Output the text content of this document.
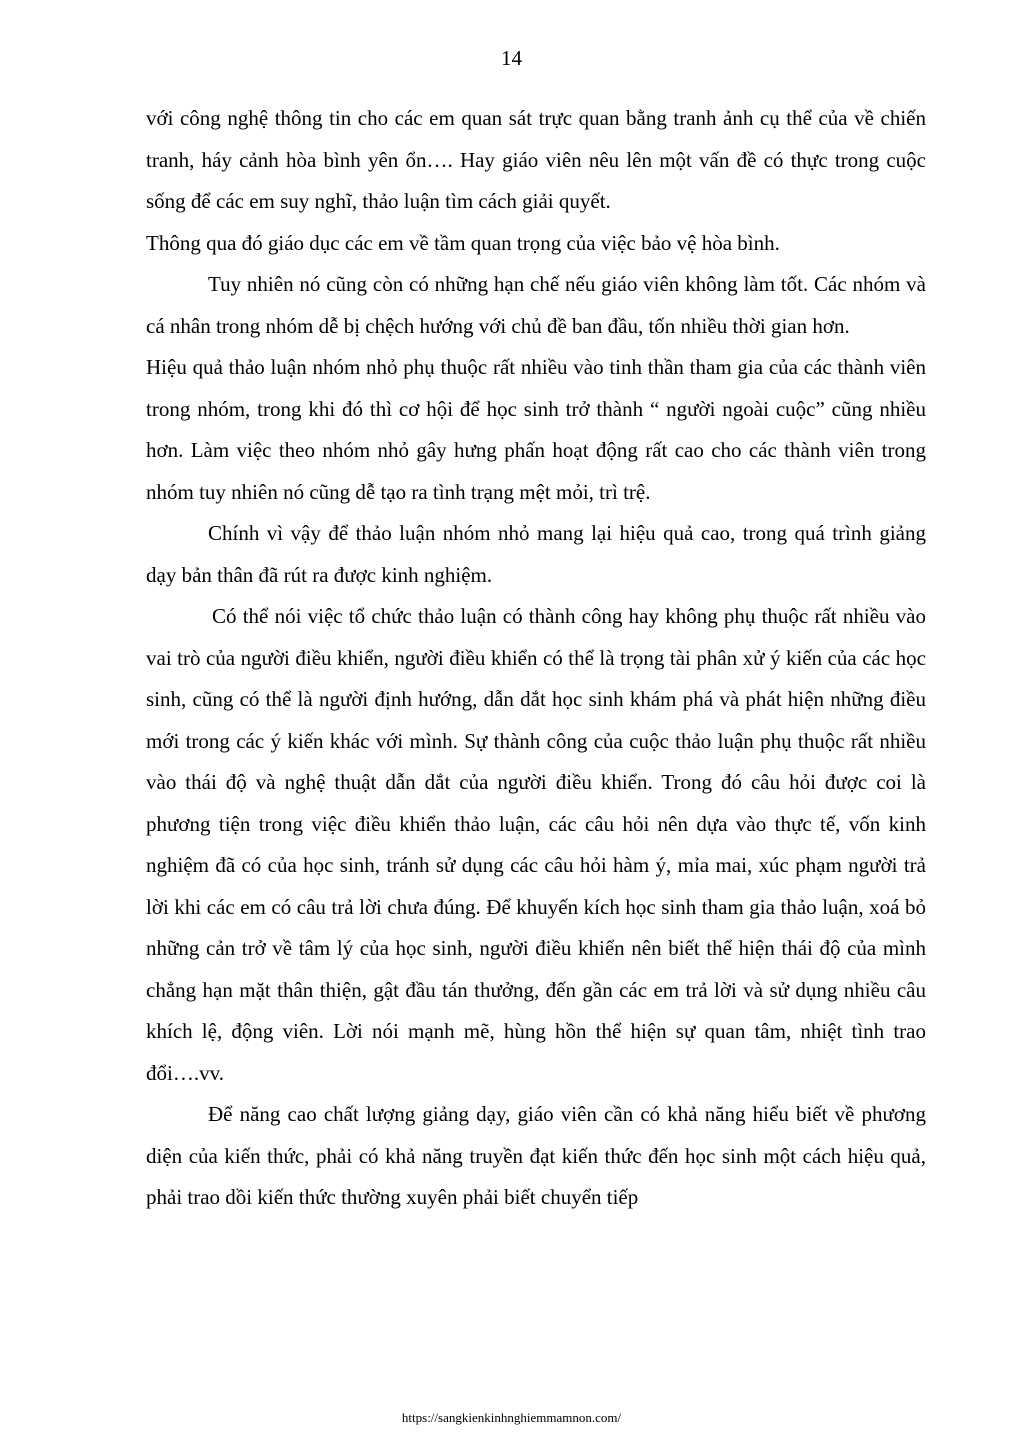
14

với công nghệ thông tin cho các em quan sát trực quan bằng tranh ảnh cụ thể của về chiến tranh, háy cảnh hòa bình yên ổn…. Hay giáo viên nêu lên một vấn đề có thực trong cuộc sống để các em suy nghĩ, thảo luận tìm cách giải quyết.

Thông qua đó giáo dục các em về tầm quan trọng của việc bảo vệ hòa bình.

Tuy nhiên nó cũng còn có những hạn chế nếu giáo viên không làm tốt. Các nhóm và cá nhân trong nhóm dễ bị chệch hướng với chủ đề ban đầu, tốn nhiều thời gian hơn.

Hiệu quả thảo luận nhóm nhỏ phụ thuộc rất nhiều vào tinh thần tham gia của các thành viên trong nhóm, trong khi đó thì cơ hội để học sinh trở thành “ người ngoài cuộc” cũng nhiều hơn. Làm việc theo nhóm nhỏ gây hưng phấn hoạt động rất cao cho các thành viên trong nhóm tuy nhiên nó cũng dễ tạo ra tình trạng mệt mỏi, trì trệ.

Chính vì vậy để thảo luận nhóm nhỏ mang lại hiệu quả cao, trong quá trình giảng dạy bản thân đã rút ra được kinh nghiệm.

Có thể nói việc tổ chức thảo luận có thành công hay không phụ thuộc rất nhiều vào vai trò của người điều khiển, người điều khiển có thể là trọng tài phân xử ý kiến của các học sinh, cũng có thể là người định hướng, dẫn dắt học sinh khám phá và phát hiện những điều mới trong các ý kiến khác với mình. Sự thành công của cuộc thảo luận phụ thuộc rất nhiều vào thái độ và nghệ thuật dẫn dắt của người điều khiển. Trong đó câu hỏi được coi là phương tiện trong việc điều khiển thảo luận, các câu hỏi nên dựa vào thực tế, vốn kinh nghiệm đã có của học sinh, tránh sử dụng các câu hỏi hàm ý, mỉa mai, xúc phạm người trả lời khi các em có câu trả lời chưa đúng. Để khuyến kích học sinh tham gia thảo luận, xoá bỏ những cản trở về tâm lý của học sinh, người điều khiển nên biết thể hiện thái độ của mình chẳng hạn mặt thân thiện, gật đầu tán thưởng, đến gần các em trả lời và sử dụng nhiều câu khích lệ, động viên. Lời nói mạnh mẽ, hùng hồn thể hiện sự quan tâm, nhiệt tình trao đổi….vv.

Để năng cao chất lượng giảng dạy, giáo viên cần có khả năng hiểu biết về phương diện của kiến thức, phải có khả năng truyền đạt kiến thức đến học sinh một cách hiệu quả, phải trao dồi kiến thức thường xuyên phải biết chuyển tiếp

https://sangkienkinhnghiemmamnon.com/
